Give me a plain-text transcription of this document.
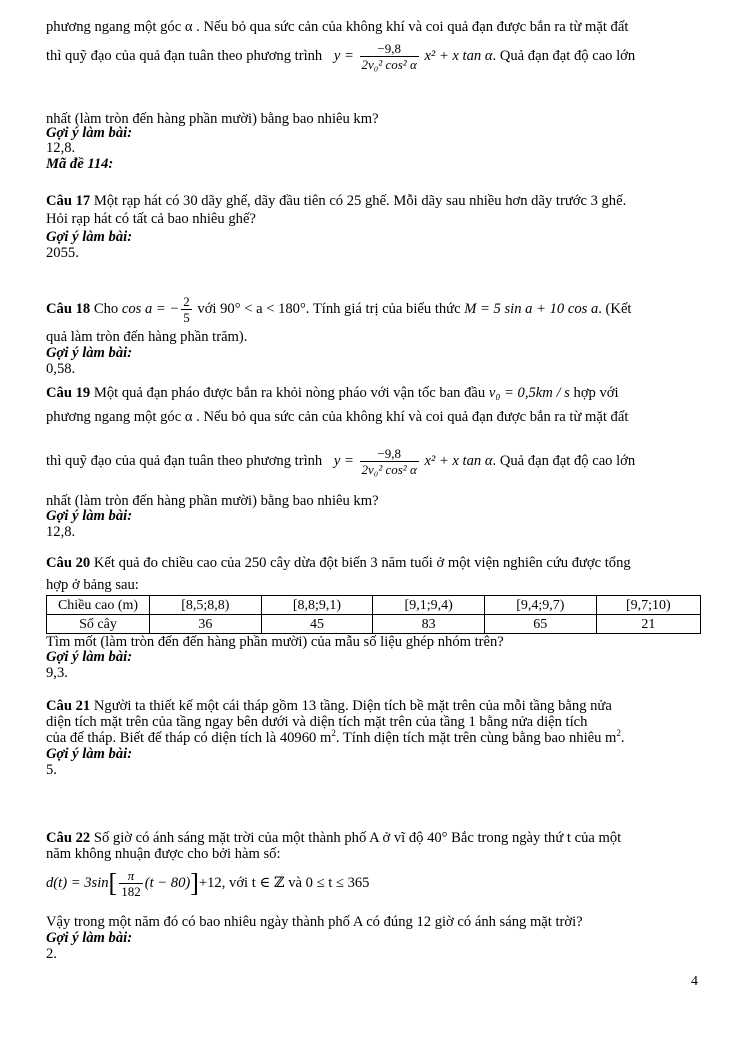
phương ngang một góc α . Nếu bỏ qua sức cản của không khí và coi quả đạn được bắn ra từ mặt đất
thì quỹ đạo của quả đạn tuân theo phương trình $y = \frac{-9,8}{\text{2v₀² cos² α}} x^2 + x$ tan α. Quả đạn đạt độ cao lớn
nhất (làm tròn đến hàng phần mười) bằng bao nhiêu km?
Gợi ý làm bài:
12,8.
Mã đề 114:
Câu 17 Một rạp hát có 30 dãy ghế, dãy đầu tiên có 25 ghế. Mỗi dãy sau nhiều hơn dãy trước 3 ghế.
Hỏi rạp hát có tất cả bao nhiêu ghế?
Gợi ý làm bài:
2055.
Câu 18 Cho cos a = − $\frac{2}{5}$ với 90° < a < 180°. Tính giá trị của biểu thức M = 5 sin a + 10 cos a. (Kết
quả làm tròn đến hàng phần trăm).
Gợi ý làm bài:
0,58.
Câu 19 Một quả đạn pháo được bắn ra khỏi nòng pháo với vận tốc ban đầu v₀ = 0,5km / s hợp với
phương ngang một góc α . Nếu bỏ qua sức cản của không khí và coi quả đạn được bắn ra từ mặt đất
thì quỹ đạo của quả đạn tuân theo phương trình $y = \frac{-9,8}{\text{2v₀² cos² α}} x^2 + x$ tan α. Quả đạn đạt độ cao lớn
nhất (làm tròn đến hàng phần mười) bằng bao nhiêu km?
Gợi ý làm bài:
12,8.
Câu 20 Kết quả đo chiều cao của 250 cây dừa đột biến 3 năm tuổi ở một viện nghiên cứu được tổng
hợp ở bảng sau:
Chiều cao (m)	[8,5;8,8)	[8,8;9,1)	[9,1;9,4)	[9,4;9,7)	[9,7;10)
Số cây	36	45	83	65	21
Tìm mốt (làm tròn đến đến hàng phần mười) của mẫu số liệu ghép nhóm trên?
Gợi ý làm bài:
9,3.
Câu 21 Người ta thiết kế một cái tháp gồm 13 tầng. Diện tích bề mặt trên của mỗi tầng bằng nửa
diện tích mặt trên của tầng ngay bên dưới và diện tích mặt trên của tầng 1 bằng nửa diện tích
của đế tháp. Biết đế tháp có diện tích là 40960 $m^2$. Tính diện tích mặt trên cùng bằng bao nhiêu $m^2$.
Gợi ý làm bài:
5.
Câu 22 Số giờ có ánh sáng mặt trời của một thành phố A ở vĩ độ 40° Bắc trong ngày thứ t của một
năm không nhuận được cho bởi hàm số:
$d(t) = 3\sin[ \frac{\pi}{182} (t - 80)]+12$, với t ∈ ℤ và 0 ≤ t ≤ 365
Vậy trong một năm đó có bao nhiêu ngày thành phố A có đúng 12 giờ có ánh sáng mặt trời?
Gợi ý làm bài:
2.
4
